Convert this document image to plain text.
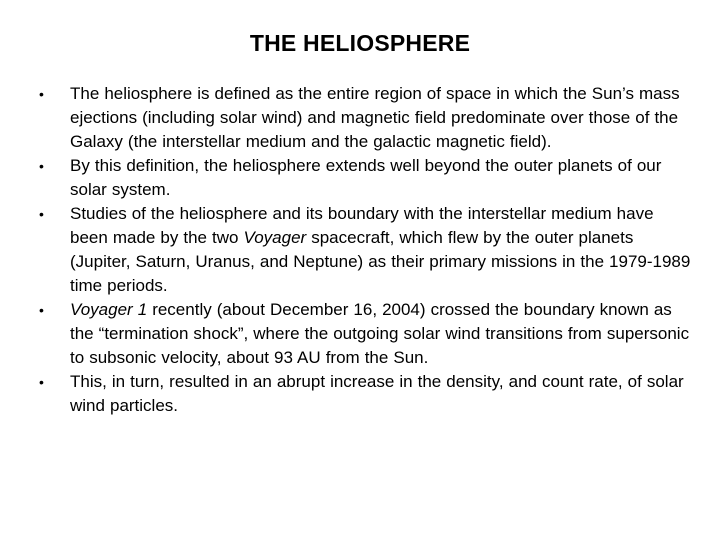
THE HELIOSPHERE
• The heliosphere is defined as the entire region of space in which the Sun’s mass ejections (including solar wind) and magnetic field predominate over those of the Galaxy (the interstellar medium and the galactic magnetic field).
• By this definition, the heliosphere extends well beyond the outer planets of our solar system.
• Studies of the heliosphere and its boundary with the interstellar medium have been made by the two Voyager spacecraft, which flew by the outer planets (Jupiter, Saturn, Uranus, and Neptune) as their primary missions in the 1979-1989 time periods.
• Voyager 1 recently (about December 16, 2004) crossed the boundary known as the “termination shock”, where the outgoing solar wind transitions from supersonic to subsonic velocity, about 93 AU from the Sun.
• This, in turn, resulted in an abrupt increase in the density, and count rate, of solar wind particles.
